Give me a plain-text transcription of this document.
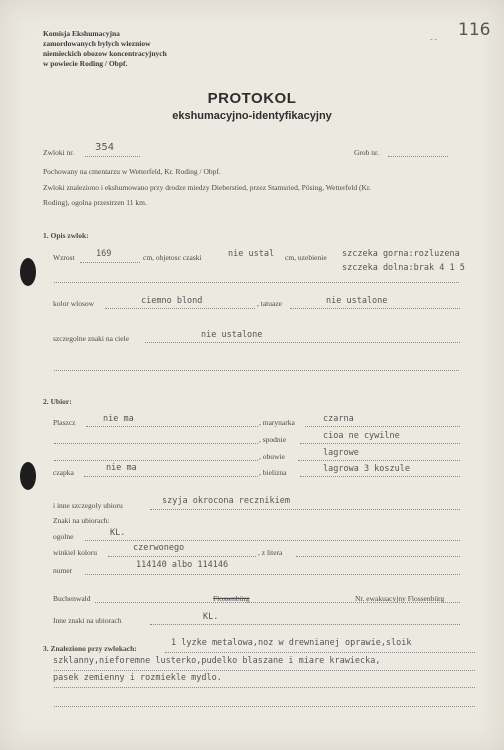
116
- -
Komisja Ekshumacyjna
zamordowanych bylych wiezniow
niemieckich obozow koncentracyjnych
w powiecie Roding / Obpf.
PROTOKOL
ekshumacyjno-identyfikacyjny
Zwloki nr. 354	Grob nr.
Pochowany na cmentarzu w Wetterfeld, Kr. Roding / Obpf.
Zwloki znaleziono i ekshumowano przy drodze miedzy Dieberstied, przez Stamsried, Pösing, Wetterfeld (Kr.
Roding), ogolna przestrzen 11 km.
1. Opis zwlok:
Wzrost	169	cm, objetosc czaski	nie ustal cm, uzebienie szczeka gorna:rozluzena
szczeka dolna:brak 4 1 5
kolor wlosow	ciemno blond	, tatuaze	nie ustalone
szczegolne znaki na ciele	nie ustalone
2. Ubior:
Plaszcz	nie ma	, marynarka	czarna
, spodnie	cioa ne cywilne
, obuwie	lagrowe
czapka	nie ma	, bielizna	lagrowa 3 koszule
i inne szczegoly ubioru	szyja okrocona recznikiem
Znaki na ubiorach:
ogolne	KL.
winkiel koloru	czerwonego	, z litera
numer
114140 albo 114146
Buchenwald	Flossenbürg	Nr. ewakuacyjny Flossenbürg
Inne znaki na ubiorach	KL.
3. Znaleziono przy zwlokach:
1 lyzke metalowa,noz w drewnianej oprawie,sloik
szklanny,nieforemne lusterko,pudelko blaszane i miare krawiecka,
pasek zemienny i rozmiekle mydlo.
